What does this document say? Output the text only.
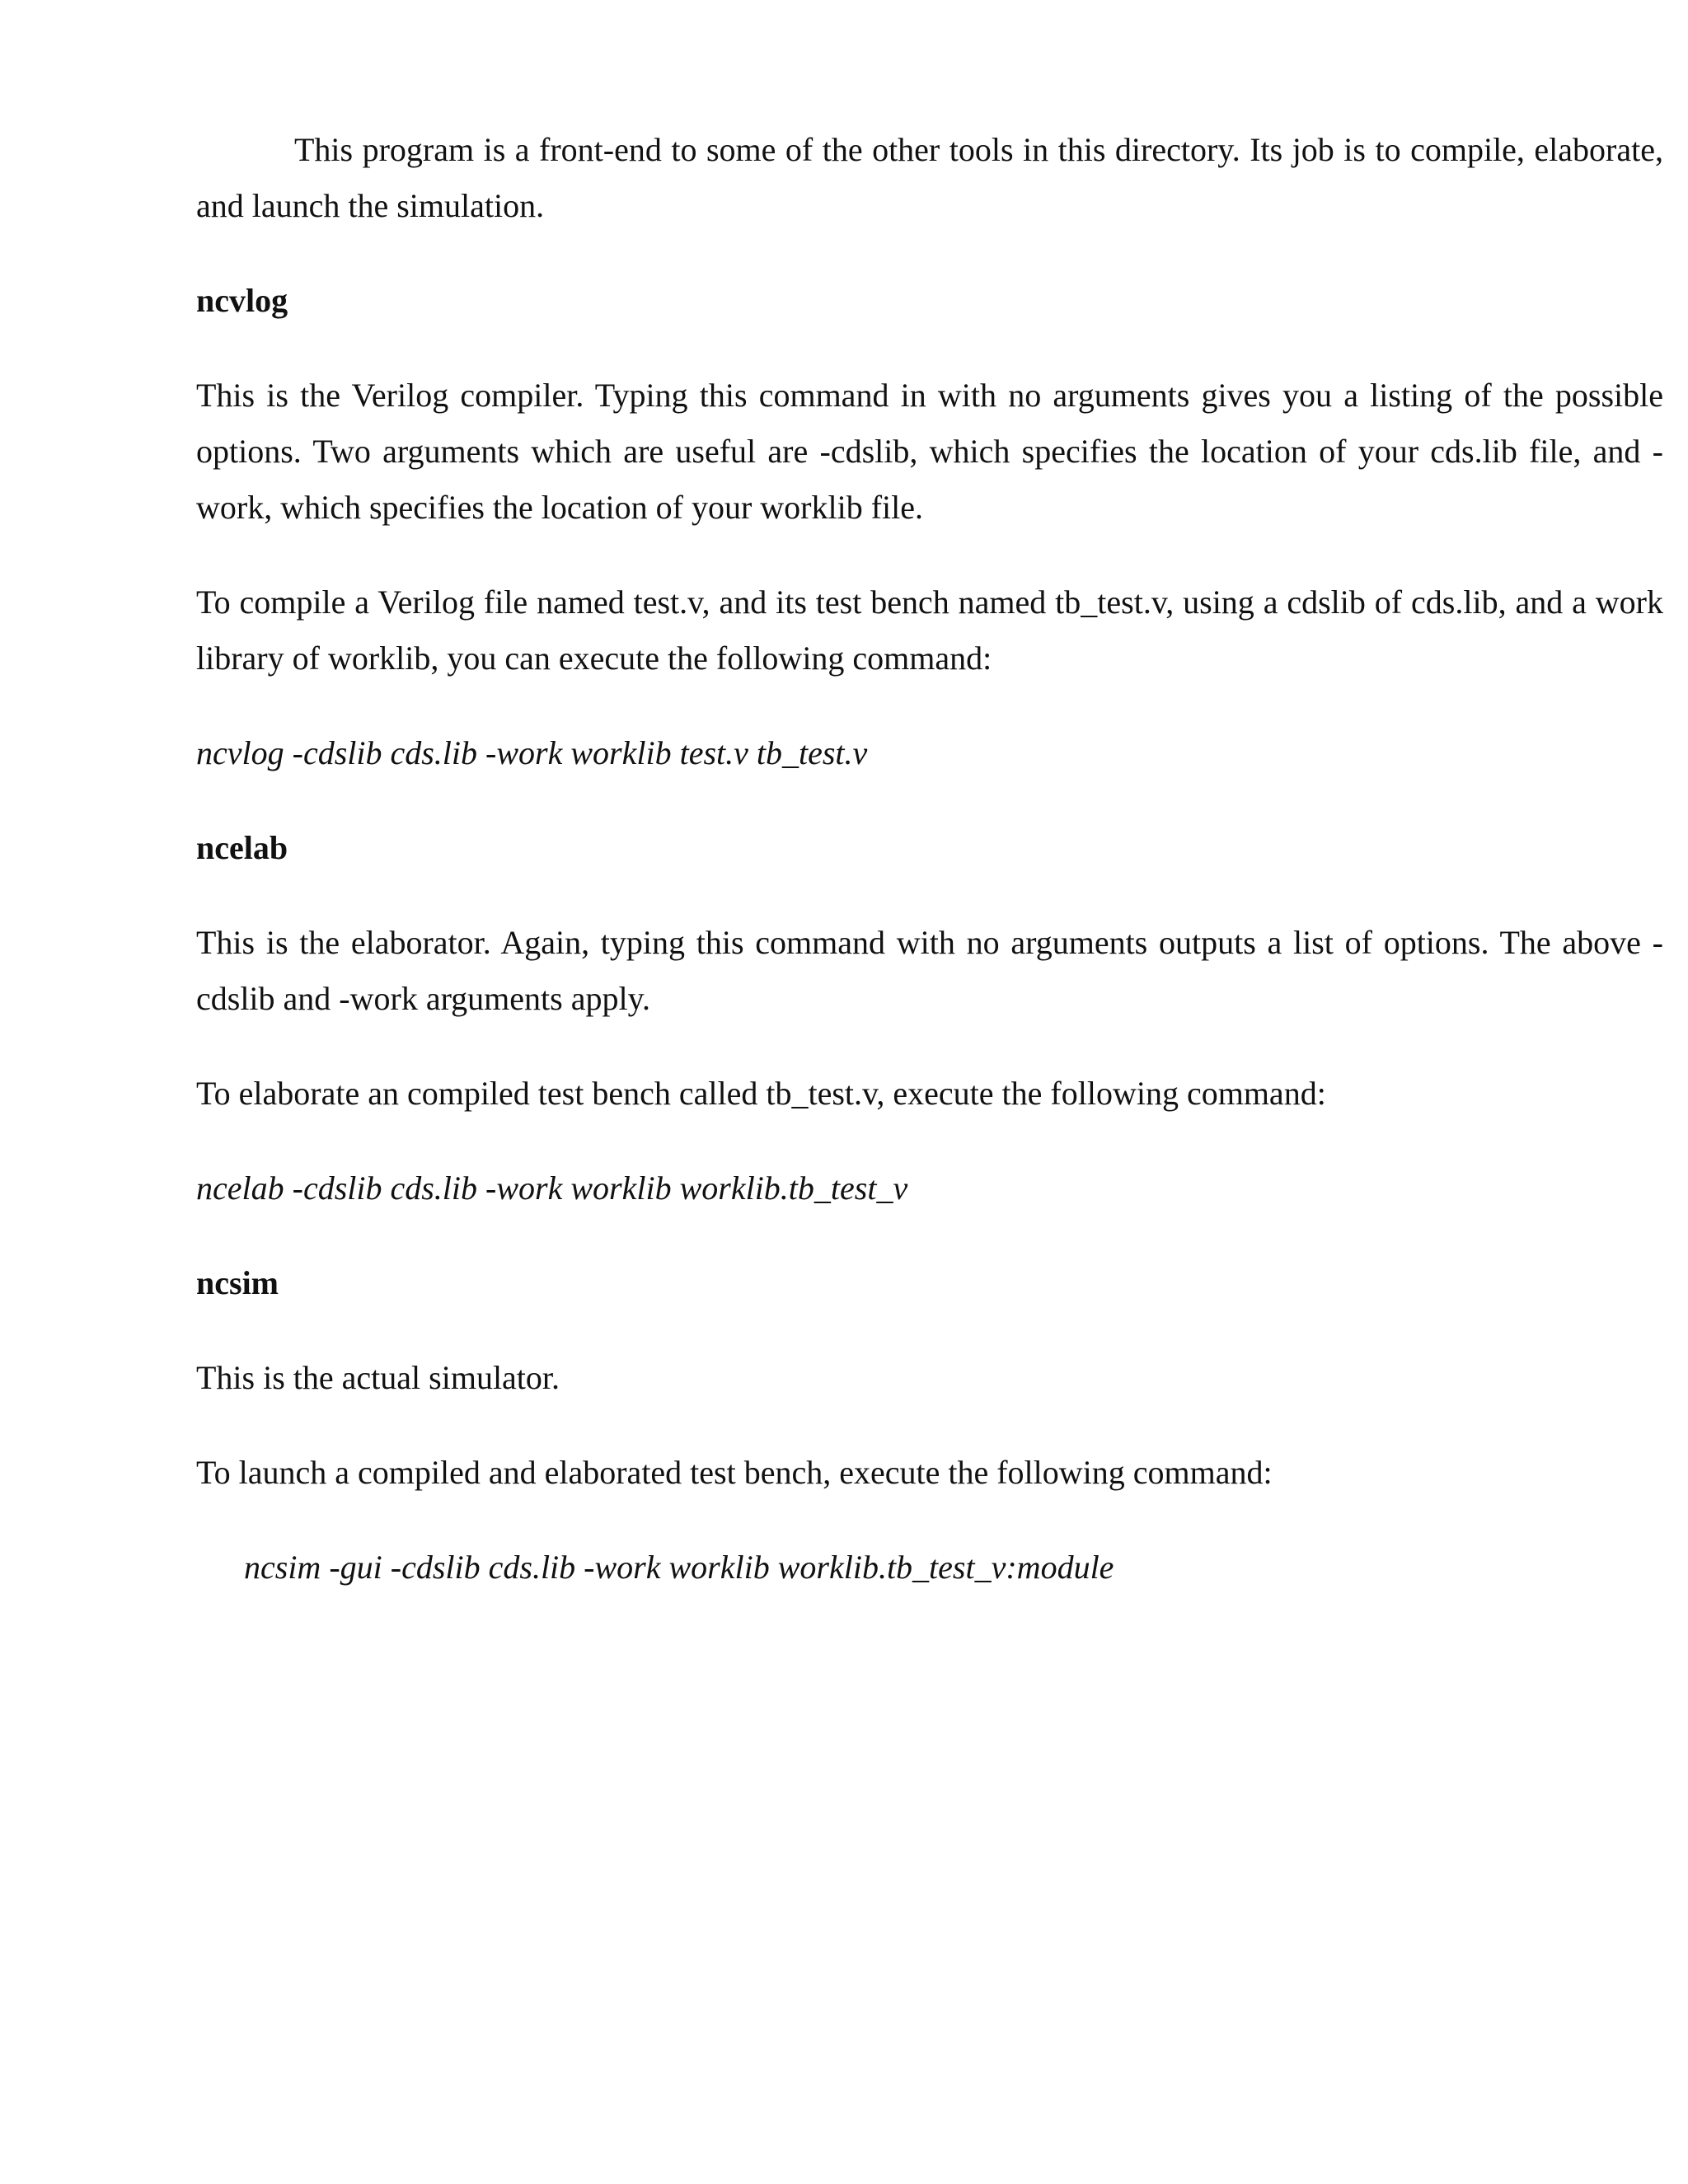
This program is a front-end to some of the other tools in this directory. Its job is to compile, elaborate, and launch the simulation.

ncvlog

This is the Verilog compiler. Typing this command in with no arguments gives you a listing of the possible options. Two arguments which are useful are -cdslib, which specifies the location of your cds.lib file, and -work, which specifies the location of your worklib file.

To compile a Verilog file named test.v, and its test bench named tb_test.v, using a cdslib of cds.lib, and a work library of worklib, you can execute the following command:

ncvlog -cdslib cds.lib -work worklib test.v tb_test.v

ncelab

This is the elaborator. Again, typing this command with no arguments outputs a list of options. The above -cdslib and -work arguments apply.

To elaborate an compiled test bench called tb_test.v, execute the following command:

ncelab -cdslib cds.lib -work worklib worklib.tb_test_v

ncsim

This is the actual simulator.

To launch a compiled and elaborated test bench, execute the following command:

ncsim -gui -cdslib cds.lib -work worklib worklib.tb_test_v:module
